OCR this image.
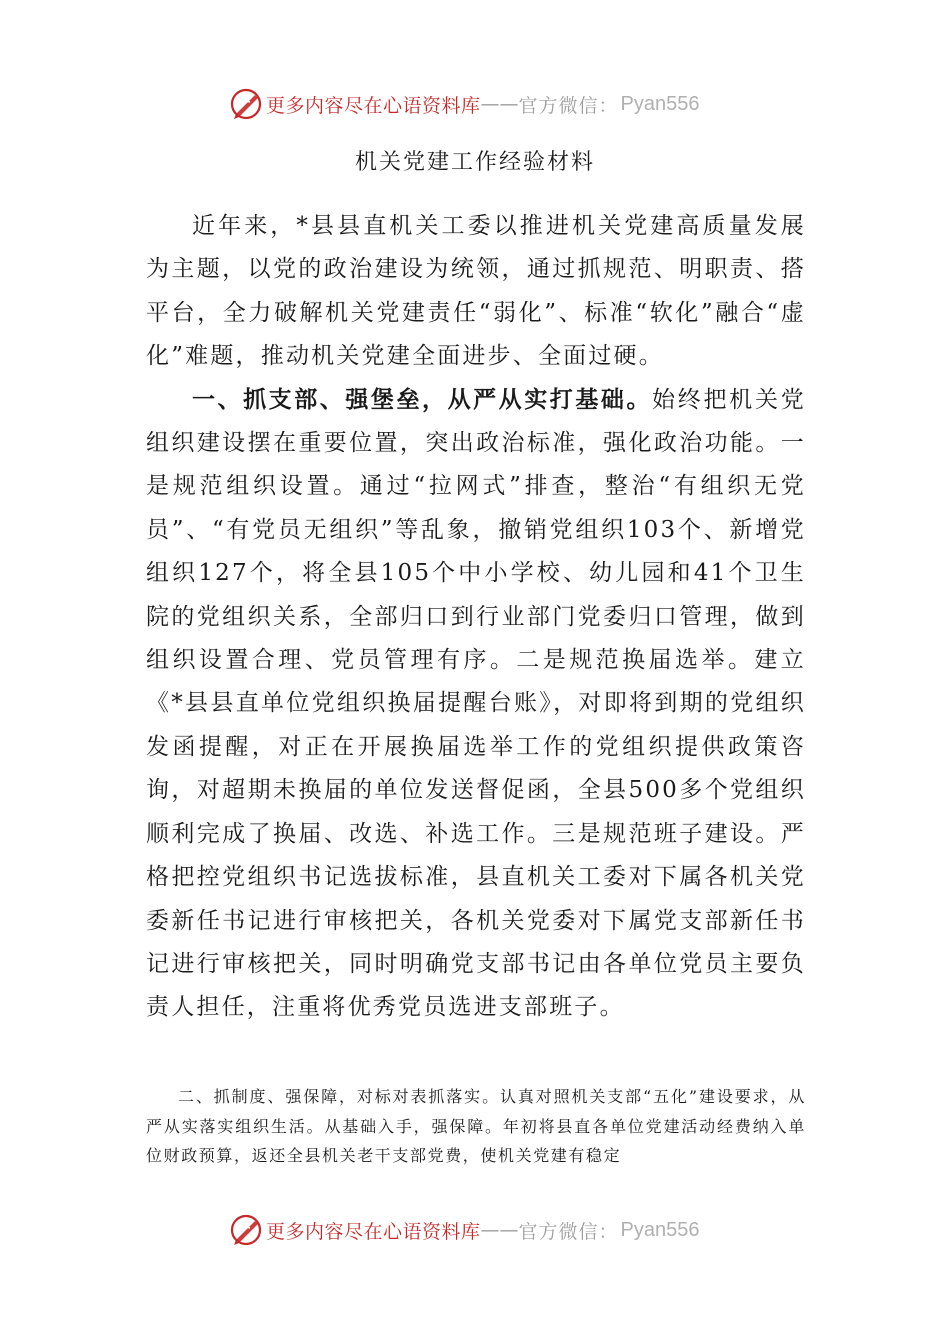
更多内容尽在心语资料库 —— 官方微信： Pyan556
机关党建工作经验材料

近年来，*县县直机关工委以推进机关党建高质量发展为主题，以党的政治建设为统领，通过抓规范、明职责、搭平台，全力破解机关党建责任“弱化”、标准“软化”融合“虚化”难题，推动机关党建全面进步、全面过硬。

一、抓支部、强堡垒，从严从实打基础。始终把机关党组织建设摆在重要位置，突出政治标准，强化政治功能。一是规范组织设置。通过“拉网式”排查，整治“有组织无党员”、“有党员无组织”等乱象，撤销党组织103个、新增党组织127个，将全县105个中小学校、幼儿园和41个卫生院的党组织关系，全部归口到行业部门党委归口管理，做到组织设置合理、党员管理有序。二是规范换届选举。建立《*县县直单位党组织换届提醒台账》，对即将到期的党组织发函提醒，对正在开展换届选举工作的党组织提供政策咨询，对超期未换届的单位发送督促函，全县500多个党组织顺利完成了换届、改选、补选工作。三是规范班子建设。严格把控党组织书记选拔标准，县直机关工委对下属各机关党委新任书记进行审核把关，各机关党委对下属党支部新任书记进行审核把关，同时明确党支部书记由各单位党员主要负责人担任，注重将优秀党员选进支部班子。

二、抓制度、强保障，对标对表抓落实。认真对照机关支部“五化”建设要求，从严从实落实组织生活。从基础入手，强保障。年初将县直各单位党建活动经费纳入单位财政预算，返还全县机关老干支部党费，使机关党建有稳定

更多内容尽在心语资料库 —— 官方微信： Pyan556
